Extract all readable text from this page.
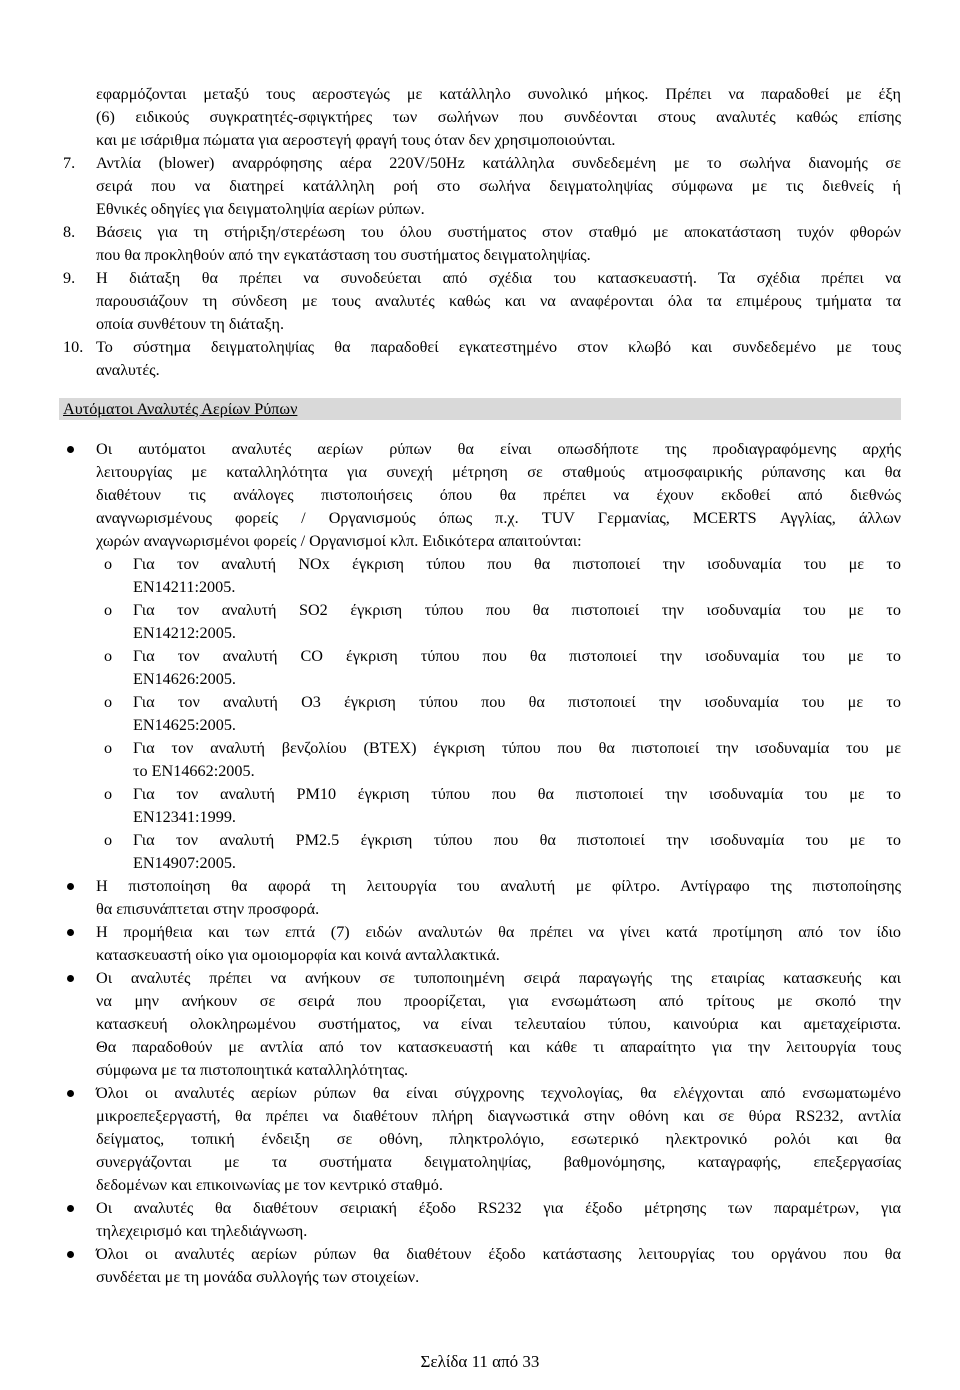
εφαρμόζονται μεταξύ τους αεροστεγώς με κατάλληλο συνολικό μήκος. Πρέπει να παραδοθεί με έξη
(6) ειδικούς συγκρατητές-σφιγκτήρες των σωλήνων που συνδέονται στους αναλυτές καθώς επίσης
και με ισάριθμα πώματα για αεροστεγή φραγή τους όταν δεν χρησιμοποιούνται.
7. Αντλία (blower) αναρρόφησης αέρα 220V/50Hz κατάλληλα συνδεδεμένη με το σωλήνα διανομής σε
σειρά που να διατηρεί κατάλληλη ροή στο σωλήνα δειγματοληψίας σύμφωνα με τις διεθνείς ή
Εθνικές οδηγίες για δειγματοληψία αερίων ρύπων.
8. Βάσεις για τη στήριξη/στερέωση του όλου συστήματος στον σταθμό με αποκατάσταση τυχόν φθορών
που θα προκληθούν από την εγκατάσταση του συστήματος δειγματοληψίας.
9. Η διάταξη θα πρέπει να συνοδεύεται από σχέδια του κατασκευαστή. Τα σχέδια πρέπει να
παρουσιάζουν τη σύνδεση με τους αναλυτές καθώς και να αναφέρονται όλα τα επιμέρους τμήματα τα
οποία συνθέτουν τη διάταξη.
10. Το σύστημα δειγματοληψίας θα παραδοθεί εγκατεστημένο στον κλωβό και συνδεδεμένο με τους
αναλυτές.
Αυτόματοι Αναλυτές Αερίων Ρύπων
Οι αυτόματοι αναλυτές αερίων ρύπων θα είναι οπωσδήποτε της προδιαγραφόμενης αρχής
λειτουργίας με καταλληλότητα για συνεχή μέτρηση σε σταθμούς ατμοσφαιρικής ρύπανσης και θα
διαθέτουν τις ανάλογες πιστοποιήσεις όπου θα πρέπει να έχουν εκδοθεί από διεθνώς
αναγνωρισμένους φορείς / Οργανισμούς όπως π.χ. TUV Γερμανίας, MCERTS Αγγλίας, άλλων
χωρών αναγνωρισμένοι φορείς / Οργανισμοί κλπ. Ειδικότερα απαιτούνται:
o Για τον αναλυτή NOx έγκριση τύπου που θα πιστοποιεί την ισοδυναμία του με το
EN14211:2005.
o Για τον αναλυτή SO2 έγκριση τύπου που θα πιστοποιεί την ισοδυναμία του με το
EN14212:2005.
o Για τον αναλυτή CO έγκριση τύπου που θα πιστοποιεί την ισοδυναμία του με το
EN14626:2005.
o Για τον αναλυτή O3 έγκριση τύπου που θα πιστοποιεί την ισοδυναμία του με το
EN14625:2005.
o Για τον αναλυτή βενζολίου (BTEX) έγκριση τύπου που θα πιστοποιεί την ισοδυναμία του με
το EN14662:2005.
o Για τον αναλυτή PM10 έγκριση τύπου που θα πιστοποιεί την ισοδυναμία του με το
EN12341:1999.
o Για τον αναλυτή PM2.5 έγκριση τύπου που θα πιστοποιεί την ισοδυναμία του με το
EN14907:2005.
Η πιστοποίηση θα αφορά τη λειτουργία του αναλυτή με φίλτρο. Αντίγραφο της πιστοποίησης
θα επισυνάπτεται στην προσφορά.
Η προμήθεια και των επτά (7) ειδών αναλυτών θα πρέπει να γίνει κατά προτίμηση από τον ίδιο
κατασκευαστή οίκο για ομοιομορφία και κοινά ανταλλακτικά.
Οι αναλυτές πρέπει να ανήκουν σε τυποποιημένη σειρά παραγωγής της εταιρίας κατασκευής και
να μην ανήκουν σε σειρά που προορίζεται, για ενσωμάτωση από τρίτους με σκοπό την
κατασκευή ολοκληρωμένου συστήματος, να είναι τελευταίου τύπου, καινούρια και αμεταχείριστα.
Θα παραδοθούν με αντλία από τον κατασκευαστή και κάθε τι απαραίτητο για την λειτουργία τους
σύμφωνα με τα πιστοποιητικά καταλληλότητας.
Όλοι οι αναλυτές αερίων ρύπων θα είναι σύγχρονης τεχνολογίας, θα ελέγχονται από ενσωματωμένο
μικροεπεξεργαστή, θα πρέπει να διαθέτουν πλήρη διαγνωστικά στην οθόνη και σε θύρα RS232, αντλία
δείγματος, τοπική ένδειξη σε οθόνη, πληκτρολόγιο, εσωτερικό ηλεκτρονικό ρολόι και θα
συνεργάζονται με τα συστήματα δειγματοληψίας, βαθμονόμησης, καταγραφής, επεξεργασίας
δεδομένων και επικοινωνίας με τον κεντρικό σταθμό.
Οι αναλυτές θα διαθέτουν σειριακή έξοδο RS232 για έξοδο μέτρησης των παραμέτρων, για
τηλεχειρισμό και τηλεδιάγνωση.
Όλοι οι αναλυτές αερίων ρύπων θα διαθέτουν έξοδο κατάστασης λειτουργίας του οργάνου που θα
συνδέεται με τη μονάδα συλλογής των στοιχείων.
Σελίδα 11 από 33
